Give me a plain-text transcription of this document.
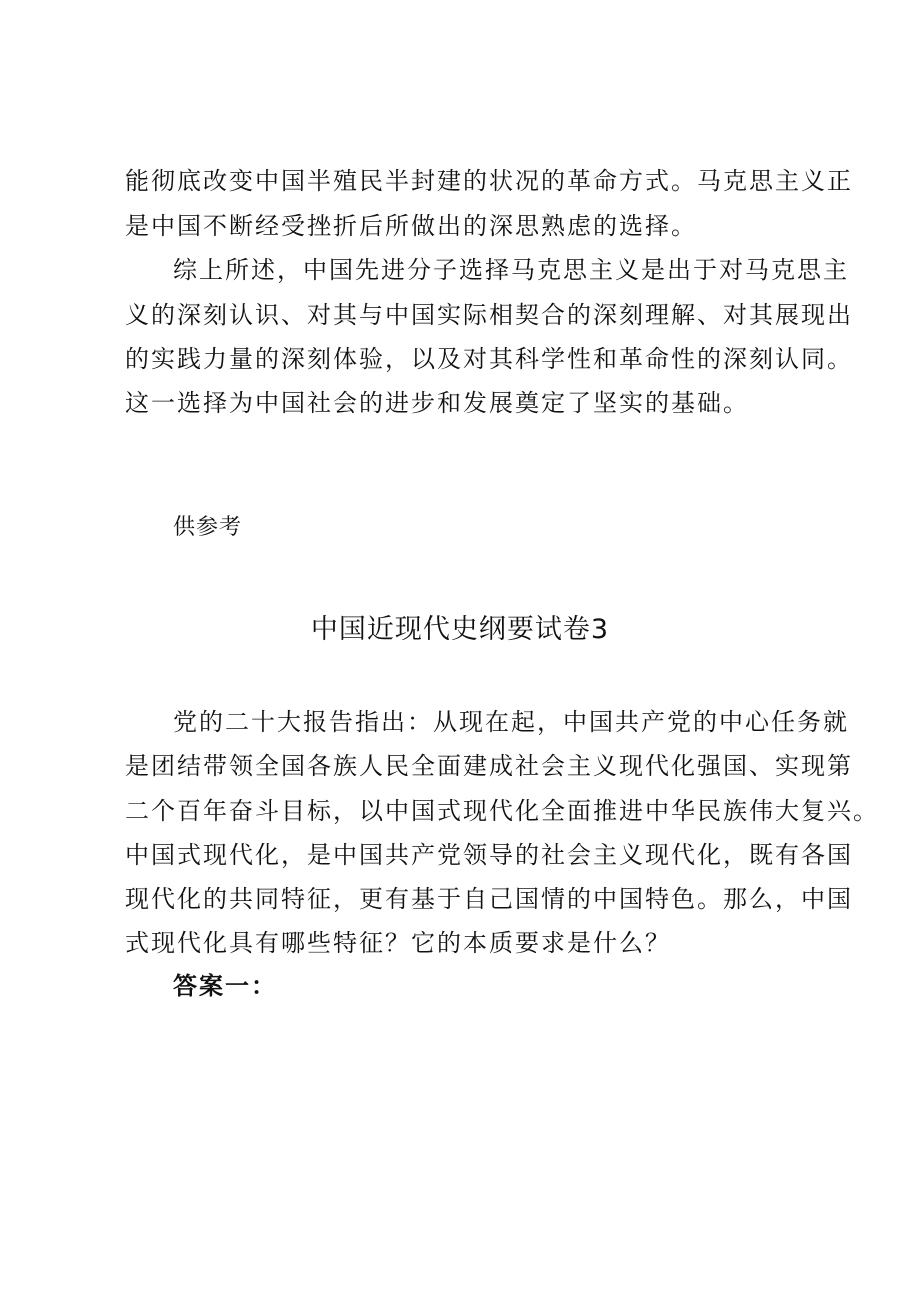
能彻底改变中国半殖民半封建的状况的革命方式。马克思主义正
是中国不断经受挫折后所做出的深思熟虑的选择。
综上所述，中国先进分子选择马克思主义是出于对马克思主
义的深刻认识、对其与中国实际相契合的深刻理解、对其展现出
的实践力量的深刻体验，以及对其科学性和革命性的深刻认同。
这一选择为中国社会的进步和发展奠定了坚实的基础。
供参考
中国近现代史纲要试卷3
党的二十大报告指出：从现在起，中国共产党的中心任务就
是团结带领全国各族人民全面建成社会主义现代化强国、实现第
二个百年奋斗目标，以中国式现代化全面推进中华民族伟大复兴。
中国式现代化，是中国共产党领导的社会主义现代化，既有各国
现代化的共同特征，更有基于自己国情的中国特色。那么，中国
式现代化具有哪些特征？它的本质要求是什么？
答案一：
